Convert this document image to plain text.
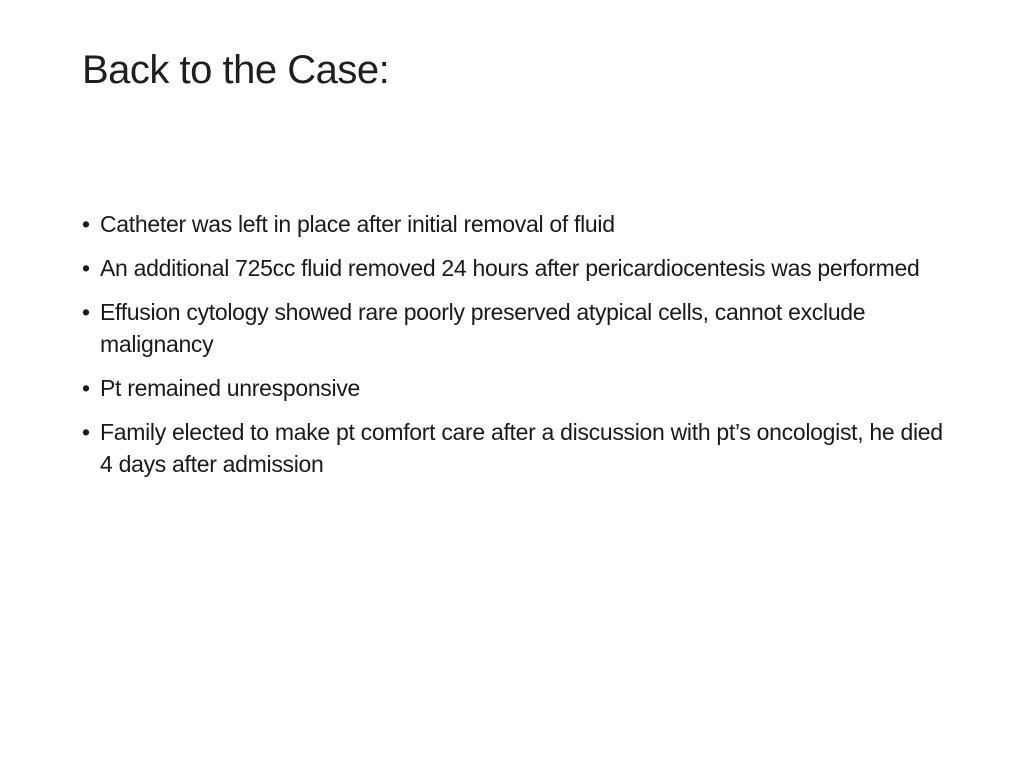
Back to the Case:
• Catheter was left in place after initial removal of fluid
• An additional 725cc fluid removed 24 hours after pericardiocentesis was performed
• Effusion cytology showed rare poorly preserved atypical cells, cannot exclude malignancy
• Pt remained unresponsive
• Family elected to make pt comfort care after a discussion with pt’s oncologist, he died 4 days after admission
